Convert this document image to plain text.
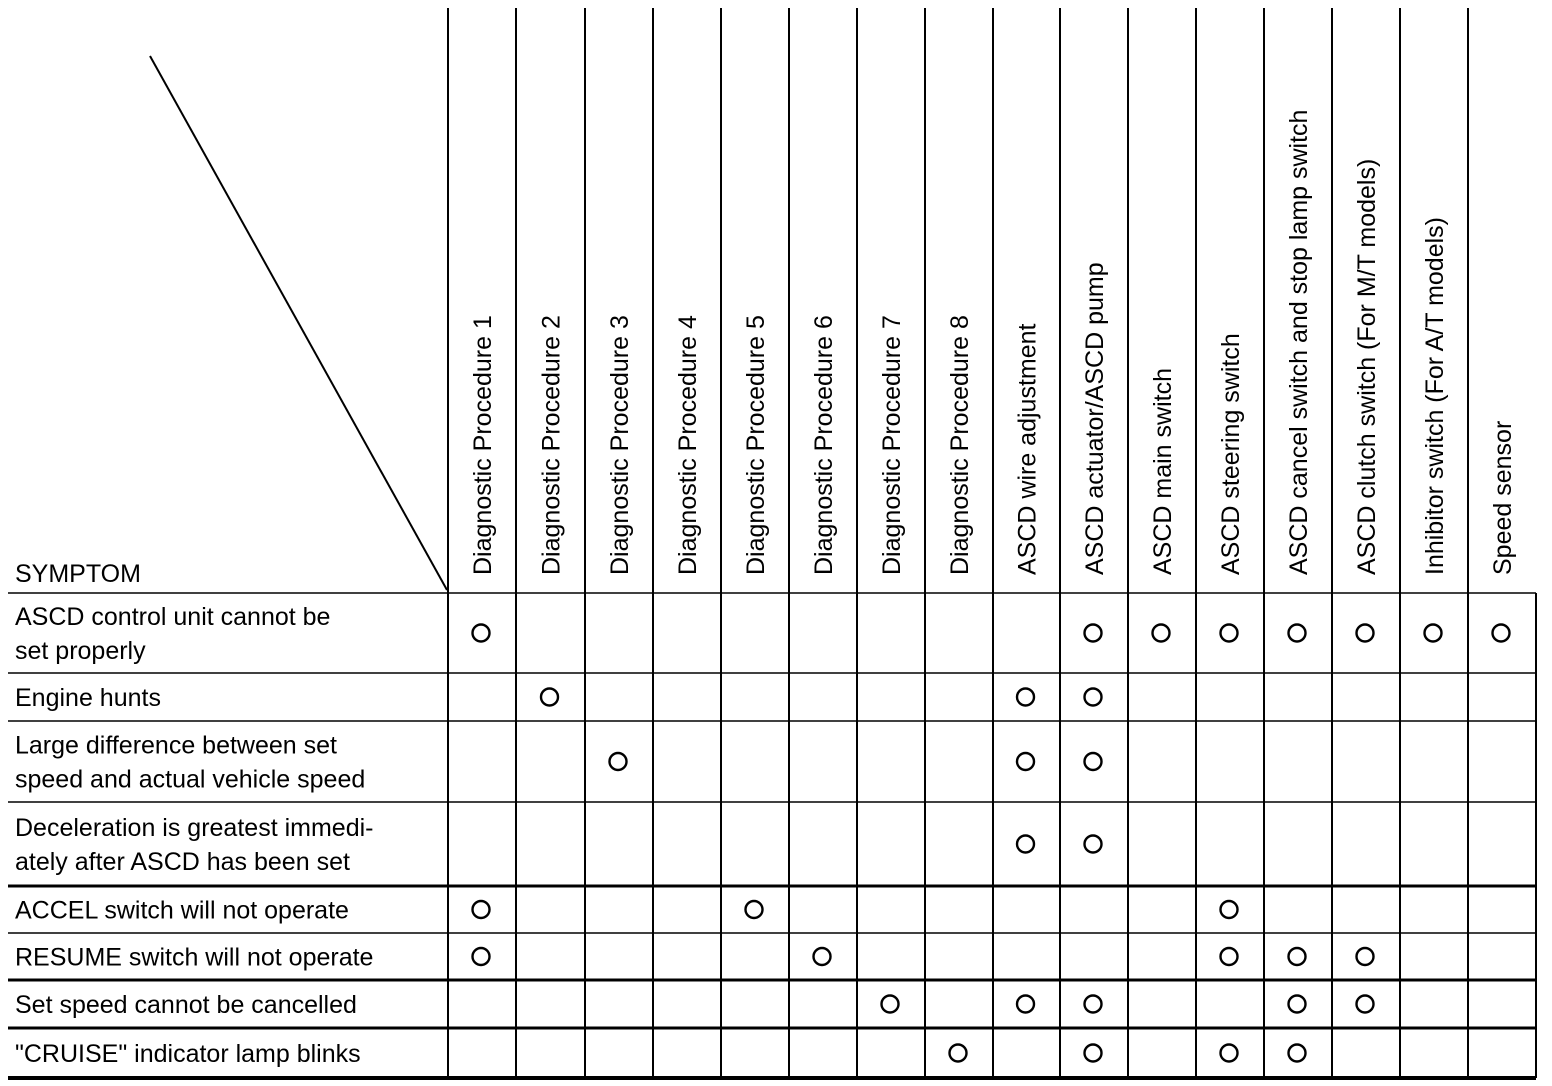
SYMPTOM	Diagnostic Procedure 1 Diagnostic Procedure 2 Diagnostic Procedure 3 Diagnostic Procedure 4 Diagnostic Procedure 5 Diagnostic Procedure 6 Diagnostic Procedure 7 Diagnostic Procedure 8 ASCD wire adjustment ASCD actuator/ASCD pump ASCD main switch ASCD steering switch ASCD cancel switch and stop lamp switch ASCD clutch switch (For M/T models) Inhibitor switch (For A/T models) Speed sensor
ASCD control unit cannot be
set properly
Engine hunts
Large difference between set
speed and actual vehicle speed
Deceleration is greatest immedi-
ately after ASCD has been set
ACCEL switch will not operate
RESUME switch will not operate
Set speed cannot be cancelled
"CRUISE" indicator lamp blinks
